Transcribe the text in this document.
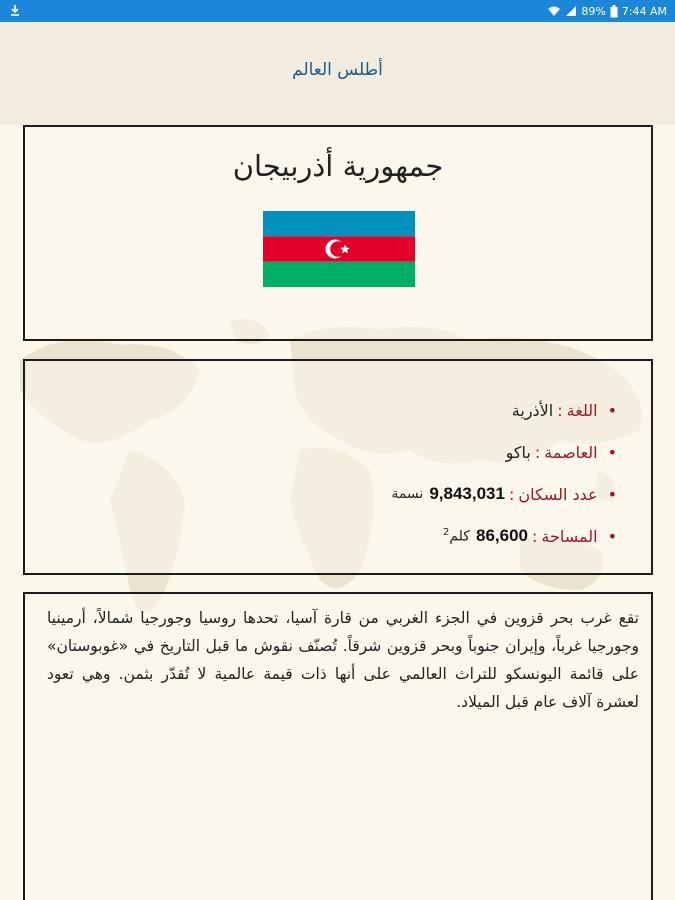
89% 7:44 AM
أطلس العالم
جمهورية أذربيجان
•
اللغة
:
الأذرية
•
العاصمة
:
باكو
•
عدد السكان
:
9,843,031
نسمة
•
المساحة
:
86,600
كلم$^2$

تقع غرب بحر قزوين في الجزء الغربي من قارة آسيا، تحدها روسيا وجورجيا شمالاً، أرمينيا وجورجيا غرباً، وإيران جنوباً وبحر قزوين شرقاً. تُصنّف نقوش ما قبل التاريخ في «غوبوستان» على قائمة اليونسكو للتراث العالمي على أنها ذات قيمة عالمية لا تُقدّر بثمن. وهي تعود لعشرة آلاف عام قبل الميلاد.
